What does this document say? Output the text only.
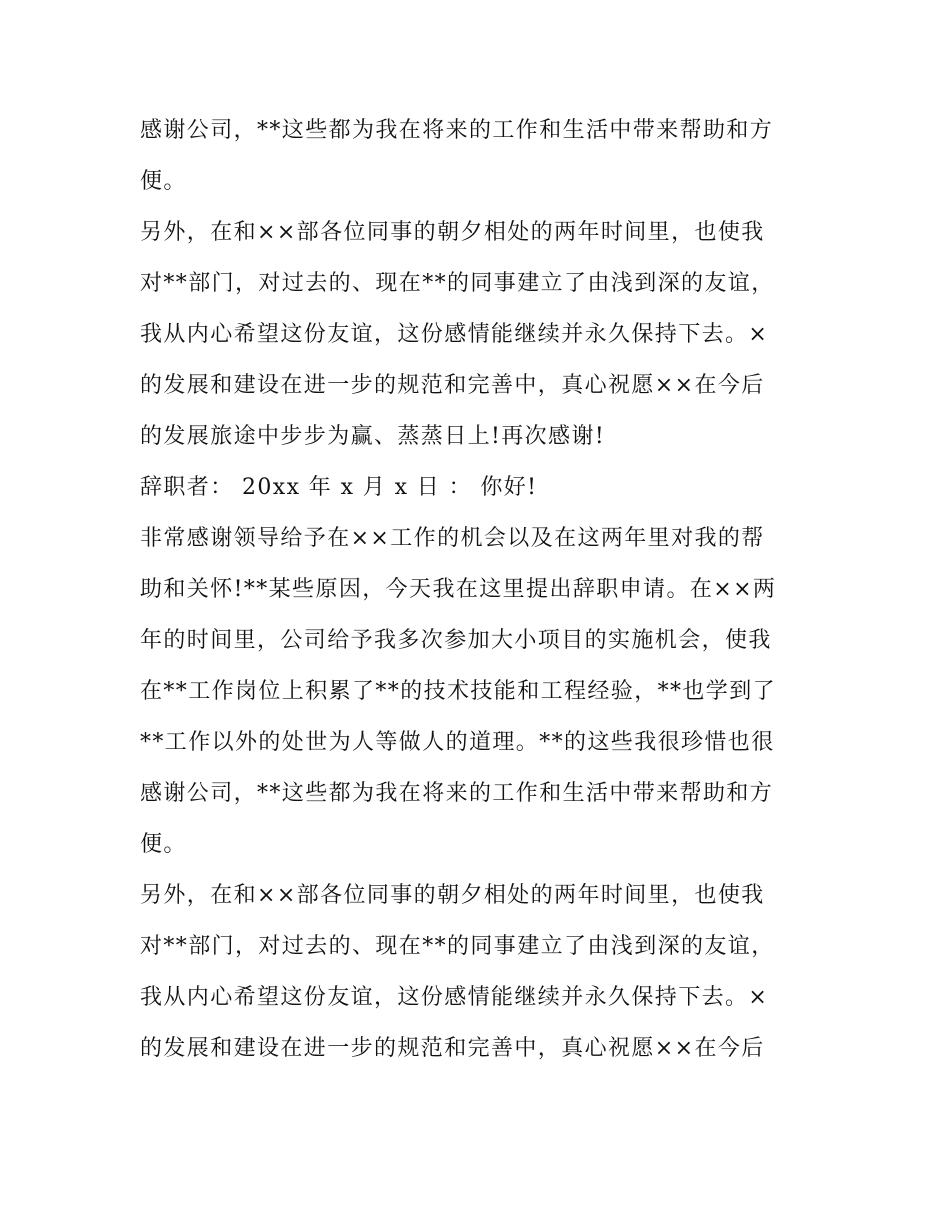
感谢公司，**这些都为我在将来的工作和生活中带来帮助和方
便。
另外，在和××部各位同事的朝夕相处的两年时间里，也使我
对**部门，对过去的、现在**的同事建立了由浅到深的友谊，
我从内心希望这份友谊，这份感情能继续并永久保持下去。×
的发展和建设在进一步的规范和完善中，真心祝愿××在今后
的发展旅途中步步为赢、蒸蒸日上!再次感谢!
辞职者： 20xx 年 x 月 x 日 ： 你好!
非常感谢领导给予在××工作的机会以及在这两年里对我的帮
助和关怀!**某些原因，今天我在这里提出辞职申请。在××两
年的时间里，公司给予我多次参加大小项目的实施机会，使我
在**工作岗位上积累了**的技术技能和工程经验，**也学到了
**工作以外的处世为人等做人的道理。**的这些我很珍惜也很
感谢公司，**这些都为我在将来的工作和生活中带来帮助和方
便。
另外，在和××部各位同事的朝夕相处的两年时间里，也使我
对**部门，对过去的、现在**的同事建立了由浅到深的友谊，
我从内心希望这份友谊，这份感情能继续并永久保持下去。×
的发展和建设在进一步的规范和完善中，真心祝愿××在今后
